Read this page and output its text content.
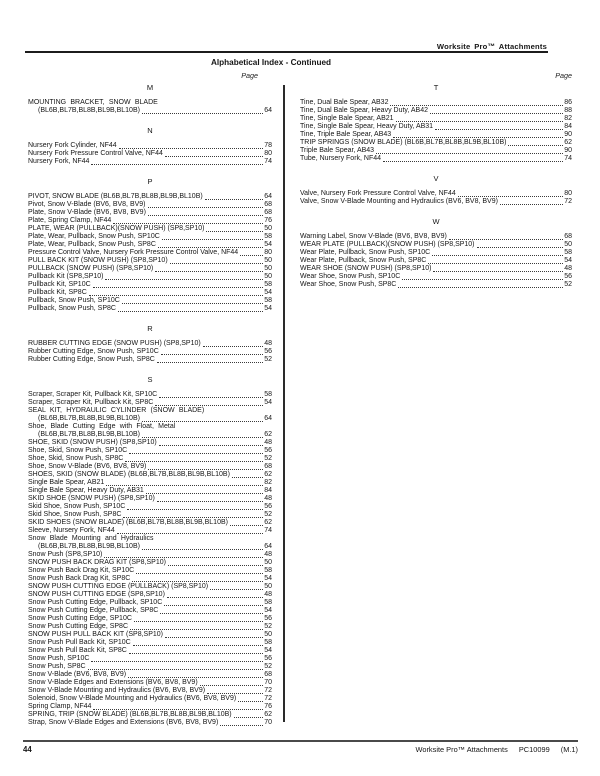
Worksite Pro™ Attachments
Alphabetical Index - Continued
Page	Page
M
MOUNTING BRACKET, SNOW BLADE
(BL6B,BL7B,BL8B,BL9B,BL10B)	64
N
Nursery Fork Cylinder, NF44	78
Nursery Fork Pressure Control Valve, NF44	80
Nursery Fork, NF44	74
P
PIVOT, SNOW BLADE (BL6B,BL7B,BL8B,BL9B,BL10B)	64
Pivot, Snow V-Blade (BV6, BV8, BV9)	68
Plate, Snow V-Blade (BV6, BV8, BV9)	68
Plate, Spring Clamp, NF44	76
PLATE, WEAR (PULLBACK)(SNOW PUSH) (SP8,SP10)	50
Plate, Wear, Pullback, Snow Push, SP10C	58
Plate, Wear, Pullback, Snow Push, SP8C	54
Pressure Control Valve, Nursery Fork Pressure Control Valve, NF44	80
PULL BACK KIT (SNOW PUSH) (SP8,SP10)	50
PULLBACK (SNOW PUSH) (SP8,SP10)	50
Pullback Kit (SP8,SP10)	50
Pullback Kit, SP10C	58
Pullback Kit, SP8C	54
Pullback, Snow Push, SP10C	58
Pullback, Snow Push, SP8C	54
R
RUBBER CUTTING EDGE (SNOW PUSH) (SP8,SP10)	48
Rubber Cutting Edge, Snow Push, SP10C	56
Rubber Cutting Edge, Snow Push, SP8C	52
S
Scraper, Scraper Kit, Pullback Kit, SP10C	58
Scraper, Scraper Kit, Pullback Kit, SP8C	54
SEAL KIT, HYDRAULIC CYLINDER (SNOW BLADE)
(BL6B,BL7B,BL8B,BL9B,BL10B)	64
Shoe, Blade Cutting Edge with Float, Metal
(BL6B,BL7B,BL8B,BL9B,BL10B)	62
SHOE, SKID (SNOW PUSH) (SP8,SP10)	48
Shoe, Skid, Snow Push, SP10C	56
Shoe, Skid, Snow Push, SP8C	52
Shoe, Snow V-Blade (BV6, BV8, BV9)	68
SHOES, SKID (SNOW BLADE) (BL6B,BL7B,BL8B,BL9B,BL10B)	62
Single Bale Spear, AB21	82
Single Bale Spear, Heavy Duty, AB31	84
SKID SHOE (SNOW PUSH) (SP8,SP10)	48
Skid Shoe, Snow Push, SP10C	56
Skid Shoe, Snow Push, SP8C	52
SKID SHOES (SNOW BLADE) (BL6B,BL7B,BL8B,BL9B,BL10B)	62
Sleeve, Nursery Fork, NF44	74
Snow Blade Mounting and Hydraulics
(BL6B,BL7B,BL8B,BL9B,BL10B)	64
Snow Push (SP8,SP10)	48
SNOW PUSH BACK DRAG KIT (SP8,SP10)	50
Snow Push Back Drag Kit, SP10C	58
Snow Push Back Drag Kit, SP8C	54
SNOW PUSH CUTTING EDGE (PULLBACK) (SP8,SP10)	50
SNOW PUSH CUTTING EDGE (SP8,SP10)	48
Snow Push Cutting Edge, Pullback, SP10C	58
Snow Push Cutting Edge, Pullback, SP8C	54
Snow Push Cutting Edge, SP10C	56
Snow Push Cutting Edge, SP8C	52
SNOW PUSH PULL BACK KIT (SP8,SP10)	50
Snow Push Pull Back Kit, SP10C	58
Snow Push Pull Back Kit, SP8C	54
Snow Push, SP10C	56
Snow Push, SP8C	52
Snow V-Blade (BV6, BV8, BV9)	68
Snow V-Blade Edges and Extensions (BV6, BV8, BV9)	70
Snow V-Blade Mounting and Hydraulics (BV6, BV8, BV9)	72
Solenoid, Snow V-Blade Mounting and Hydraulics (BV6, BV8, BV9)	72
Spring Clamp, NF44	76
SPRING, TRIP (SNOW BLADE) (BL6B,BL7B,BL8B,BL9B,BL10B)	62
Strap, Snow V-Blade Edges and Extensions (BV6, BV8, BV9)	70
T
Tine, Dual Bale Spear, AB32	86
Tine, Dual Bale Spear, Heavy Duty, AB42	88
Tine, Single Bale Spear, AB21	82
Tine, Single Bale Spear, Heavy Duty, AB31	84
Tine, Triple Bale Spear, AB43	90
TRIP SPRINGS (SNOW BLADE) (BL6B,BL7B,BL8B,BL9B,BL10B)	62
Triple Bale Spear, AB43	90
Tube, Nursery Fork, NF44	74
V
Valve, Nursery Fork Pressure Control Valve, NF44	80
Valve, Snow V-Blade Mounting and Hydraulics (BV6, BV8, BV9)	72
W
Warning Label, Snow V-Blade (BV6, BV8, BV9)	68
WEAR PLATE (PULLBACK)(SNOW PUSH) (SP8,SP10)	50
Wear Plate, Pullback, Snow Push, SP10C	58
Wear Plate, Pullback, Snow Push, SP8C	54
WEAR SHOE (SNOW PUSH) (SP8,SP10)	48
Wear Shoe, Snow Push, SP10C	56
Wear Shoe, Snow Push, SP8C	52
44	Worksite Pro™ Attachments PC10099 (M.1)
